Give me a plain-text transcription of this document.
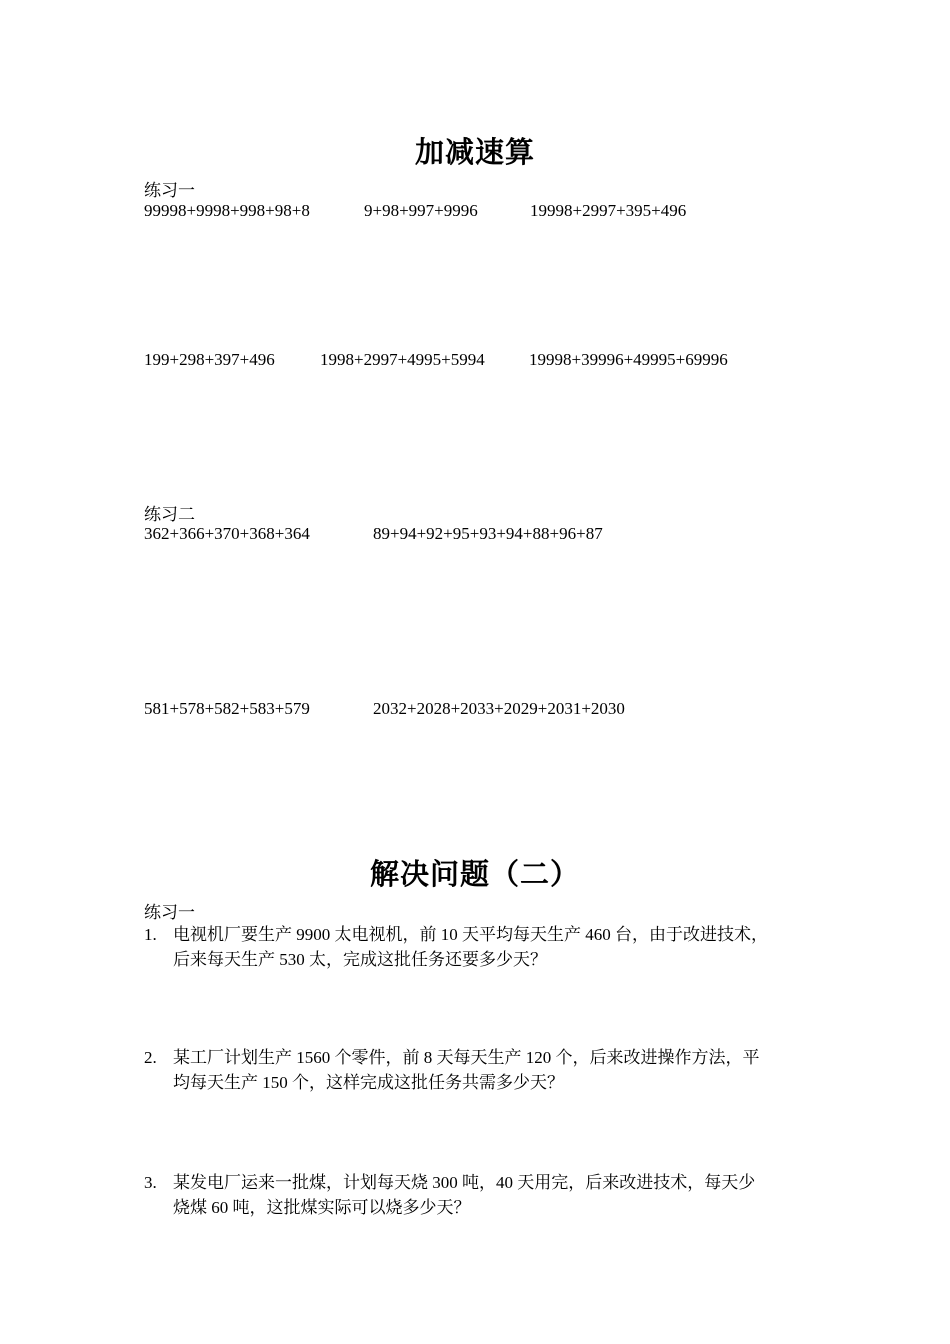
加减速算
练习一
99998+9998+998+98+8	9+98+997+9996	19998+2997+395+496
199+298+397+496	1998+2997+4995+5994	19998+39996+49995+69996
练习二
362+366+370+368+364	89+94+92+95+93+94+88+96+87
581+578+582+583+579	2032+2028+2033+2029+2031+2030
解决问题（二）
练习一
1. 电视机厂要生产 9900 太电视机，前 10 天平均每天生产 460 台，由于改进技术，
后来每天生产 530 太，完成这批任务还要多少天？
2. 某工厂计划生产 1560 个零件，前 8 天每天生产 120 个，后来改进操作方法，平
均每天生产 150 个，这样完成这批任务共需多少天？
3. 某发电厂运来一批煤，计划每天烧 300 吨，40 天用完，后来改进技术，每天少
烧煤 60 吨，这批煤实际可以烧多少天？
